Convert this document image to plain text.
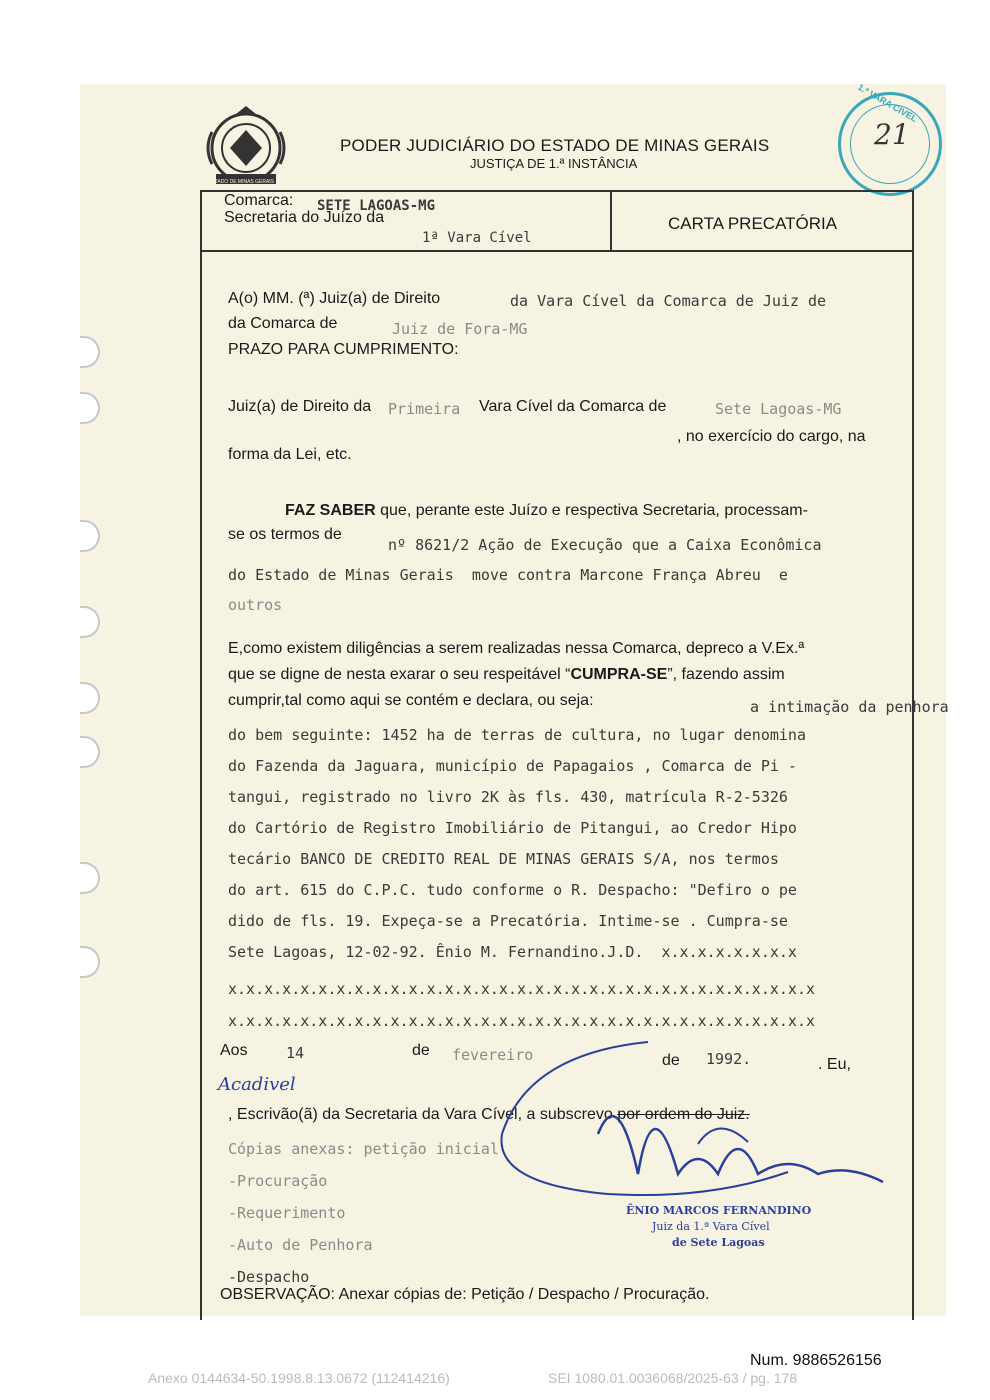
ESTADO DE MINAS GERAIS
PODER JUDICIÁRIO DO ESTADO DE MINAS GERAIS
JUSTIÇA DE 1.ª INSTÂNCIA
21
1.ª VARA CÍVEL
Comarca: SETE LAGOAS-MG
Secretaria do Juízo da
1ª Vara Cível
CARTA PRECATÓRIA
A(o) MM. (ª) Juiz(a) de Direito	da Vara Cível da Comarca de Juiz de
da Comarca de	Juiz de Fora-MG
PRAZO PARA CUMPRIMENTO:
Juiz(a) de Direito da Primeira Vara Cível da Comarca de	Sete Lagoas-MG
, no exercício do cargo, na
forma da Lei, etc.
FAZ SABER que, perante este Juízo e respectiva Secretaria, processam-
se os termos de
nº 8621/2 Ação de Execução que a Caixa Econômica
do Estado de Minas Gerais  move contra Marcone França Abreu  e
outros
E,como existem diligências a serem realizadas nessa Comarca, depreco a V.Ex.ª
que se digne de nesta exarar o seu respeitável “CUMPRA-SE”, fazendo assim
cumprir,tal como aqui se contém e declara, ou seja:	a intimação da penhora
do bem seguinte: 1452 ha de terras de cultura, no lugar denomina
do Fazenda da Jaguara, município de Papagaios , Comarca de Pi -
tangui, registrado no livro 2K às fls. 430, matrícula R-2-5326
do Cartório de Registro Imobiliário de Pitangui, ao Credor Hipo
tecário BANCO DE CREDITO REAL DE MINAS GERAIS S/A, nos termos
do art. 615 do C.P.C. tudo conforme o R. Despacho: "Defiro o pe
dido de fls. 19. Expeça-se a Precatória. Intime-se . Cumpra-se
Sete Lagoas, 12-02-92. Ênio M. Fernandino.J.D.  x.x.x.x.x.x.x.x
x.x.x.x.x.x.x.x.x.x.x.x.x.x.x.x.x.x.x.x.x.x.x.x.x.x.x.x.x.x.x.x.x
x.x.x.x.x.x.x.x.x.x.x.x.x.x.x.x.x.x.x.x.x.x.x.x.x.x.x.x.x.x.x.x.x
Aos	14	de fevereiro	de 1992.	. Eu,
Acadivel
, Escrivão(ã) da Secretaria da Vara Cível, a subscrevo por ordem do Juiz.
Cópias anexas: petição inicial
-Procuração
-Requerimento
-Auto de Penhora
-Despacho
ÊNIO MARCOS FERNANDINO
Juiz da 1.ª Vara Cível
de Sete Lagoas
OBSERVAÇÃO: Anexar cópias de: Petição / Despacho / Procuração.
Num. 9886526156
Anexo 0144634-50.1998.8.13.0672 (112414216)	SEI 1080.01.0036068/2025-63 / pg. 178
